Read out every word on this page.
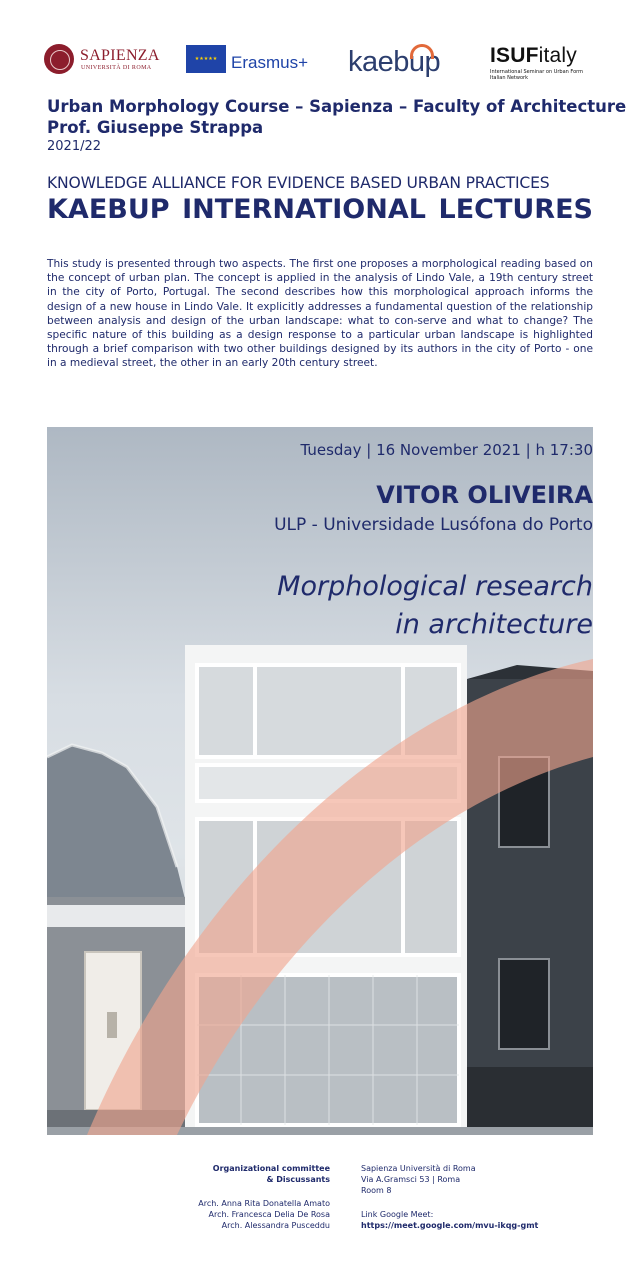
SAPIENZA
UNIVERSITÀ DI ROMA
★★★★★ Erasmus+ kaebup ISUFitaly
International Seminar on Urban Form Italian Network
Urban Morphology Course – Sapienza – Faculty of Architecture
Prof. Giuseppe Strappa
2021/22
KNOWLEDGE ALLIANCE FOR EVIDENCE BASED URBAN PRACTICES
KAEBUP INTERNATIONAL LECTURES
This study is presented through two aspects. The first one proposes a morphological reading based on the concept of urban plan. The concept is applied in the analysis of Lindo Vale, a 19th century street in the city of Porto, Portugal. The second describes how this morphological approach informs the design of a new house in Lindo Vale. It explicitly addresses a fundamental question of the relationship between analysis and design of the urban landscape: what to con-serve and what to change? The specific nature of this building as a design response to a particular urban landscape is highlighted through a brief comparison with two other buildings designed by its authors in the city of Porto - one in a medieval street, the other in an early 20th century street.
Tuesday | 16 November 2021 | h 17:30
VITOR OLIVEIRA
ULP - Universidade Lusófona do Porto
Morphological research
in architecture
Organizational committee
& Discussants
Arch. Anna Rita Donatella Amato
Arch. Francesca Delia De Rosa
Arch. Alessandra Pusceddu
Sapienza Università di Roma
Via A.Gramsci 53 | Roma
Room 8
Link Google Meet:
https://meet.google.com/mvu-ikqg-gmt
